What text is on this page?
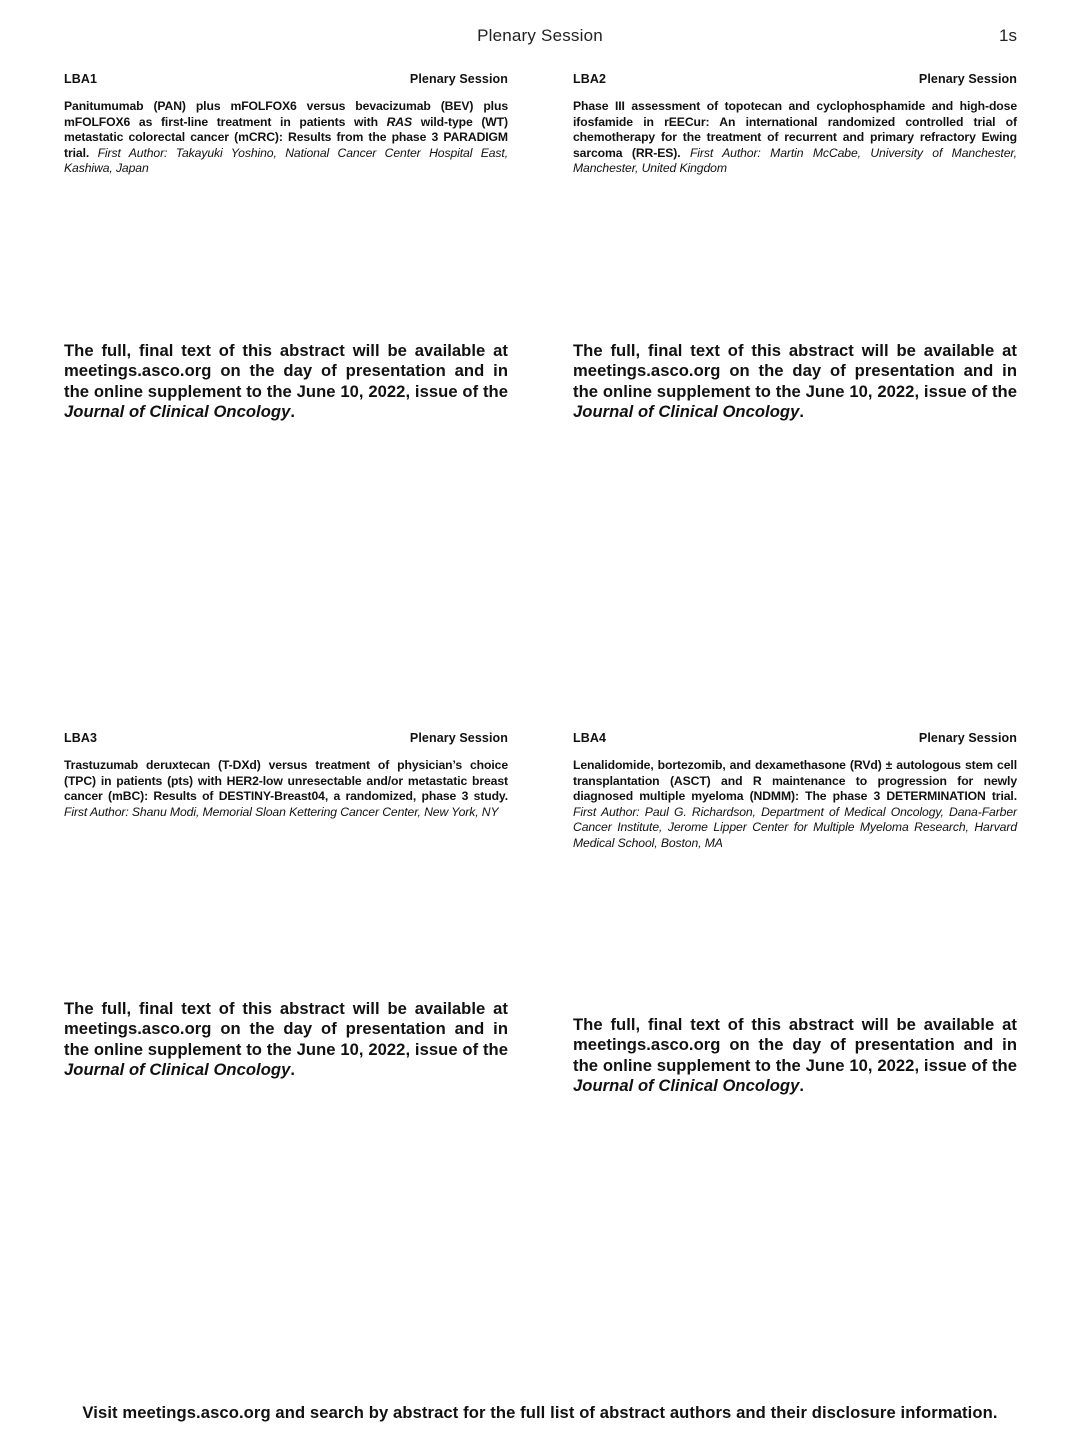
Plenary Session	1s
LBA1	Plenary Session
Panitumumab (PAN) plus mFOLFOX6 versus bevacizumab (BEV) plus mFOLFOX6 as first-line treatment in patients with RAS wild-type (WT) metastatic colorectal cancer (mCRC): Results from the phase 3 PARADIGM trial. First Author: Takayuki Yoshino, National Cancer Center Hospital East, Kashiwa, Japan
The full, final text of this abstract will be available at meetings.asco.org on the day of presentation and in the online supplement to the June 10, 2022, issue of the Journal of Clinical Oncology.
LBA2	Plenary Session
Phase III assessment of topotecan and cyclophosphamide and high-dose ifosfamide in rEECur: An international randomized controlled trial of chemotherapy for the treatment of recurrent and primary refractory Ewing sarcoma (RR-ES). First Author: Martin McCabe, University of Manchester, Manchester, United Kingdom
The full, final text of this abstract will be available at meetings.asco.org on the day of presentation and in the online supplement to the June 10, 2022, issue of the Journal of Clinical Oncology.
LBA3	Plenary Session
Trastuzumab deruxtecan (T-DXd) versus treatment of physician’s choice (TPC) in patients (pts) with HER2-low unresectable and/or metastatic breast cancer (mBC): Results of DESTINY-Breast04, a randomized, phase 3 study. First Author: Shanu Modi, Memorial Sloan Kettering Cancer Center, New York, NY
The full, final text of this abstract will be available at meetings.asco.org on the day of presentation and in the online supplement to the June 10, 2022, issue of the Journal of Clinical Oncology.
LBA4	Plenary Session
Lenalidomide, bortezomib, and dexamethasone (RVd) ± autologous stem cell transplantation (ASCT) and R maintenance to progression for newly diagnosed multiple myeloma (NDMM): The phase 3 DETERMINATION trial. First Author: Paul G. Richardson, Department of Medical Oncology, Dana-Farber Cancer Institute, Jerome Lipper Center for Multiple Myeloma Research, Harvard Medical School, Boston, MA
The full, final text of this abstract will be available at meetings.asco.org on the day of presentation and in the online supplement to the June 10, 2022, issue of the Journal of Clinical Oncology.
Visit meetings.asco.org and search by abstract for the full list of abstract authors and their disclosure information.
